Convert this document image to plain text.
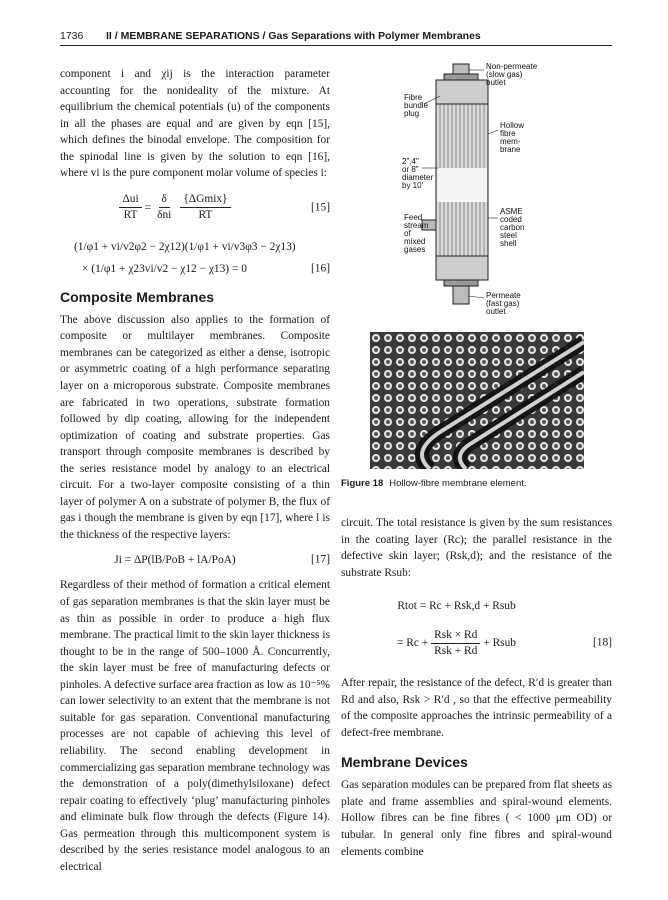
1736 II / MEMBRANE SEPARATIONS / Gas Separations with Polymer Membranes

component i and χij is the interaction parameter accounting for the nonideality of the mixture. At equilibrium the chemical potentials (u) of the components in all the phases are equal and are given by eqn [15], which defines the binodal envelope. The composition for the spinodal line is given by the solution to eqn [16], where vi is the pure component molar volume of species i:

$\frac{\text{Δui}}{RT} = \frac{\delta}{\text{δni}} \frac{\text{\{ΔGmix\}}}{RT}$	[15]
(1/φ1 + vi/v2φ2 − 2χ12)(1/φ1 + vi/v3φ3 − 2χ13)
× (1/φ1 + χ23vi/v2 − χ12 − χ13) = 0	[16]
Composite Membranes

The above discussion also applies to the formation of composite or multilayer membranes. Composite membranes can be categorized as either a dense, isotropic or asymmetric coating of a high performance separating layer on a microporous substrate. Composite membranes are fabricated in two operations, substrate formation followed by dip coating, allowing for the independent optimization of coating and substrate properties. Gas transport through composite membranes is described by the series resistance model by analogy to an electrical circuit. For a two-layer composite consisting of a thin layer of polymer A on a substrate of polymer B, the flux of gas i though the membrane is given by eqn [17], where l is the thickness of the respective layers:

Ji = ΔP(lB/PoB + lA/PoA)	[17]

Regardless of their method of formation a critical element of gas separation membranes is that the skin layer must be as thin as possible in order to produce a high flux membrane. The practical limit to the skin layer thickness is thought to be in the range of 500–1000 Å. Concurrently, the skin layer must be free of manufacturing defects or pinholes. A defective surface area fraction as low as 10⁻⁵% can lower selectivity to an extent that the membrane is not suitable for gas separation. Conventional manufacturing processes are not capable of achieving this level of reliability. The second enabling development in commercializing gas separation membrane technology was the demonstration of a poly(dimethylsiloxane) defect repair coating to effectively ‘plug’ manufacturing pinholes and eliminate bulk flow through the defects (Figure 14). Gas permeation through this multicomponent system is described by the series resistance model analogous to an electrical

Non-permeate (slow gas) outlet
Fibre bundle plug
Hollow fibre mem- brane
2",4" or 8" diameter by 10'
Feed stream of mixed gases
ASME coded carbon steel shell
Permeate (fast gas) outlet
Figure 18 Hollow-fibre membrane element.

circuit. The total resistance is given by the sum resistances in the coating layer (Rc); the parallel resistance in the defective skin layer; (Rsk,d); and the resistance of the substrate Rsub:

Rtot = Rc + Rsk,d + Rsub
= $Rc + \frac{\text{Rsk × Rd}}{\text{Rsk + Rd}}$ + Rsub	[18]

After repair, the resistance of the defect, R′d is greater than Rd and also, Rsk > R′d , so that the effective permeability of the composite approaches the intrinsic permeability of a defect-free membrane.

Membrane Devices

Gas separation modules can be prepared from flat sheets as plate and frame assemblies and spiral-wound elements. Hollow fibres can be fine fibres ( < 1000 μm OD) or tubular. In general only fine fibres and spiral-wound elements combine
